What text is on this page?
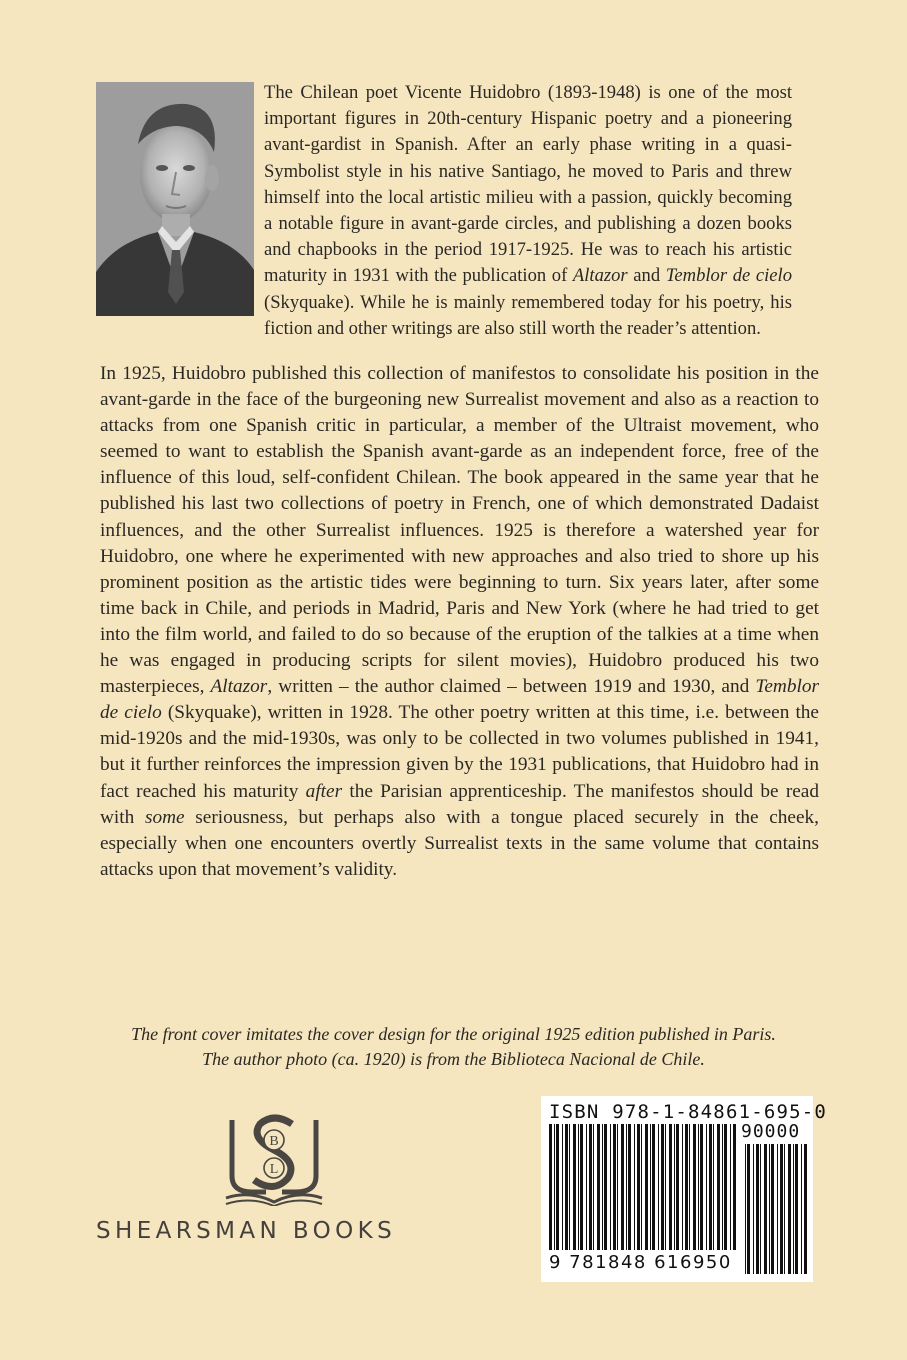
The Chilean poet Vicente Huidobro (1893-1948) is one of the most important figures in 20th-century Hispanic poetry and a pioneering avant-gardist in Spanish. After an early phase writing in a quasi-Symbolist style in his native Santiago, he moved to Paris and threw himself into the local artistic milieu with a passion, quickly becoming a notable figure in avant-garde circles, and publishing a dozen books and chapbooks in the period 1917-1925. He was to reach his artistic maturity in 1931 with the publication of Altazor and Temblor de cielo (Skyquake). While he is mainly remembered today for his poetry, his fiction and other writings are also still worth the reader’s attention.

In 1925, Huidobro published this collection of manifestos to consolidate his position in the avant-garde in the face of the burgeoning new Surrealist movement and also as a reaction to attacks from one Spanish critic in particular, a member of the Ultraist movement, who seemed to want to establish the Spanish avant-garde as an independent force, free of the influence of this loud, self-confident Chilean. The book appeared in the same year that he published his last two collections of poetry in French, one of which demonstrated Dadaist influences, and the other Surrealist influences. 1925 is therefore a watershed year for Huidobro, one where he experimented with new approaches and also tried to shore up his prominent position as the artistic tides were beginning to turn. Six years later, after some time back in Chile, and periods in Madrid, Paris and New York (where he had tried to get into the film world, and failed to do so because of the eruption of the talkies at a time when he was engaged in producing scripts for silent movies), Huidobro produced his two masterpieces, Altazor, written – the author claimed – between 1919 and 1930, and Temblor de cielo (Skyquake), written in 1928. The other poetry written at this time, i.e. between the mid-1920s and the mid-1930s, was only to be collected in two volumes published in 1941, but it further reinforces the impression given by the 1931 publications, that Huidobro had in fact reached his maturity after the Parisian apprenticeship. The manifestos should be read with some seriousness, but perhaps also with a tongue placed securely in the cheek, especially when one encounters overtly Surrealist texts in the same volume that contains attacks upon that movement’s validity.

The front cover imitates the cover design for the original 1925 edition published in Paris.
The author photo (ca. 1920) is from the Biblioteca Nacional de Chile.

B
L

SHEARSMAN BOOKS

ISBN 978-1-84861-695-0

90000

9 781848 616950
